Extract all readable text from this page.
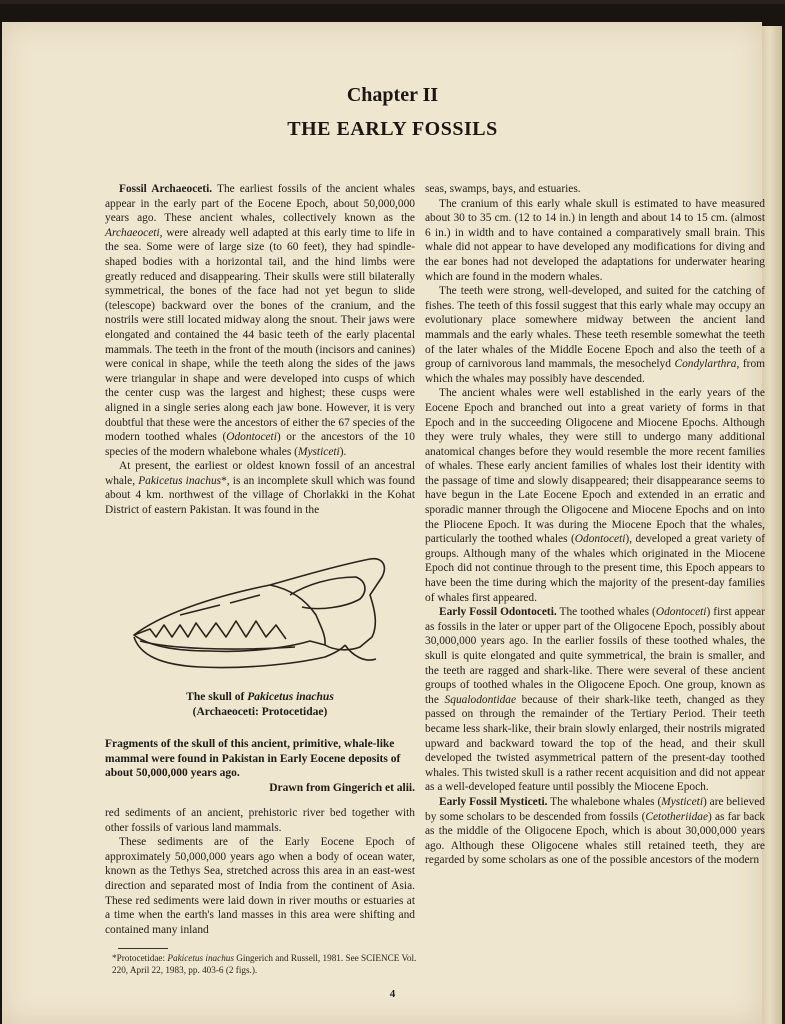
Chapter II
THE EARLY FOSSILS

Fossil Archaeoceti. The earliest fossils of the ancient whales appear in the early part of the Eocene Epoch, about 50,000,000 years ago. These ancient whales, collectively known as the Archaeoceti, were already well adapted at this early time to life in the sea. Some were of large size (to 60 feet), they had spindle-shaped bodies with a horizontal tail, and the hind limbs were greatly reduced and disappearing. Their skulls were still bilaterally symmetrical, the bones of the face had not yet begun to slide (telescope) backward over the bones of the cranium, and the nostrils were still located midway along the snout. Their jaws were elongated and contained the 44 basic teeth of the early placental mammals. The teeth in the front of the mouth (incisors and canines) were conical in shape, while the teeth along the sides of the jaws were triangular in shape and were developed into cusps of which the center cusp was the largest and highest; these cusps were aligned in a single series along each jaw bone. However, it is very doubtful that these were the ancestors of either the 67 species of the modern toothed whales (Odontoceti) or the ancestors of the 10 species of the modern whalebone whales (Mysticeti).

At present, the earliest or oldest known fossil of an ancestral whale, Pakicetus inachus*, is an incomplete skull which was found about 4 km. northwest of the village of Chorlakki in the Kohat District of eastern Pakistan. It was found in the

The skull of Pakicetus inachus
(Archaeoceti: Protocetidae)
Fragments of the skull of this ancient, primitive, whale-like mammal were found in Pakistan in Early Eocene deposits of about 50,000,000 years ago.
Drawn from Gingerich et alii.

red sediments of an ancient, prehistoric river bed together with other fossils of various land mammals.

These sediments are of the Early Eocene Epoch of approximately 50,000,000 years ago when a body of ocean water, known as the Tethys Sea, stretched across this area in an east-west direction and separated most of India from the continent of Asia. These red sediments were laid down in river mouths or estuaries at a time when the earth's land masses in this area were shifting and contained many inland

*Protocetidae: Pakicetus inachus Gingerich and Russell, 1981. See SCIENCE Vol. 220, April 22, 1983, pp. 403-6 (2 figs.).

seas, swamps, bays, and estuaries.

The cranium of this early whale skull is estimated to have measured about 30 to 35 cm. (12 to 14 in.) in length and about 14 to 15 cm. (almost 6 in.) in width and to have contained a comparatively small brain. This whale did not appear to have developed any modifications for diving and the ear bones had not developed the adaptations for underwater hearing which are found in the modern whales.

The teeth were strong, well-developed, and suited for the catching of fishes. The teeth of this fossil suggest that this early whale may occupy an evolutionary place somewhere midway between the ancient land mammals and the early whales. These teeth resemble somewhat the teeth of the later whales of the Middle Eocene Epoch and also the teeth of a group of carnivorous land mammals, the mesochelyd Condylarthra, from which the whales may possibly have descended.

The ancient whales were well established in the early years of the Eocene Epoch and branched out into a great variety of forms in that Epoch and in the succeeding Oligocene and Miocene Epochs. Although they were truly whales, they were still to undergo many additional anatomical changes before they would resemble the more recent families of whales. These early ancient families of whales lost their identity with the passage of time and slowly disappeared; their disappearance seems to have begun in the Late Eocene Epoch and extended in an erratic and sporadic manner through the Oligocene and Miocene Epochs and on into the Pliocene Epoch. It was during the Miocene Epoch that the whales, particularly the toothed whales (Odontoceti), developed a great variety of groups. Although many of the whales which originated in the Miocene Epoch did not continue through to the present time, this Epoch appears to have been the time during which the majority of the present-day families of whales first appeared.

Early Fossil Odontoceti. The toothed whales (Odontoceti) first appear as fossils in the later or upper part of the Oligocene Epoch, possibly about 30,000,000 years ago. In the earlier fossils of these toothed whales, the skull is quite elongated and quite symmetrical, the brain is smaller, and the teeth are ragged and shark-like. There were several of these ancient groups of toothed whales in the Oligocene Epoch. One group, known as the Squalodontidae because of their shark-like teeth, changed as they passed on through the remainder of the Tertiary Period. Their teeth became less shark-like, their brain slowly enlarged, their nostrils migrated upward and backward toward the top of the head, and their skull developed the twisted asymmetrical pattern of the present-day toothed whales. This twisted skull is a rather recent acquisition and did not appear as a well-developed feature until possibly the Miocene Epoch.

Early Fossil Mysticeti. The whalebone whales (Mysticeti) are believed by some scholars to be descended from fossils (Cetotheriidae) as far back as the middle of the Oligocene Epoch, which is about 30,000,000 years ago. Although these Oligocene whales still retained teeth, they are regarded by some scholars as one of the possible ancestors of the modern

4
